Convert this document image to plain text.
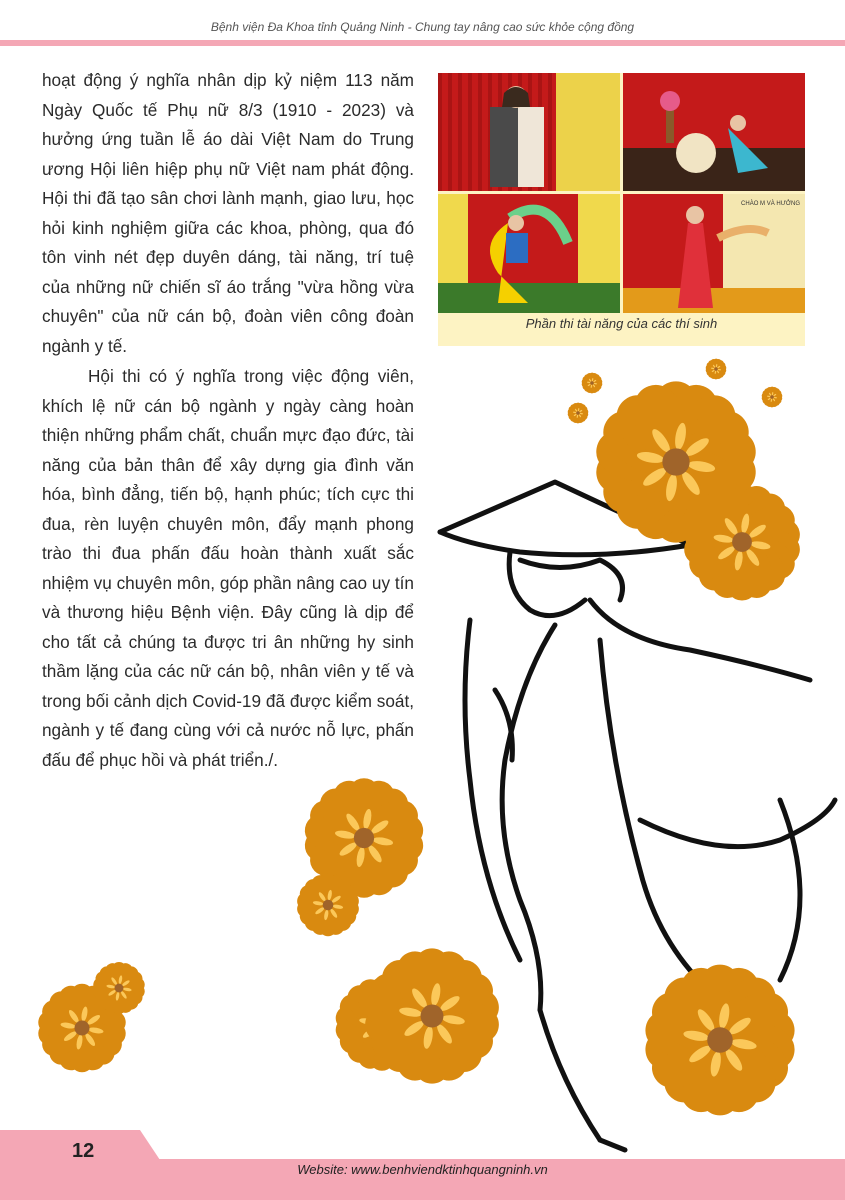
Bệnh viện Đa Khoa tỉnh Quảng Ninh - Chung tay nâng cao sức khỏe cộng đồng

hoạt động ý nghĩa nhân dịp kỷ niệm 113 năm Ngày Quốc tế Phụ nữ 8/3 (1910 - 2023) và hưởng ứng tuần lễ áo dài Việt Nam do Trung ương Hội liên hiệp phụ nữ Việt nam phát động. Hội thi đã tạo sân chơi lành mạnh, giao lưu, học hỏi kinh nghiệm giữa các khoa, phòng, qua đó tôn vinh nét đẹp duyên dáng, tài năng, trí tuệ của những nữ chiến sĩ áo trắng "vừa hồng vừa chuyên" của nữ cán bộ, đoàn viên công đoàn ngành y tế.

Hội thi có ý nghĩa trong việc động viên, khích lệ nữ cán bộ ngành y ngày càng hoàn thiện những phẩm chất, chuẩn mực đạo đức, tài năng của bản thân để xây dựng gia đình văn hóa, bình đẳng, tiến bộ, hạnh phúc; tích cực thi đua, rèn luyện chuyên môn, đẩy mạnh phong trào thi đua phấn đấu hoàn thành xuất sắc nhiệm vụ chuyên môn, góp phần nâng cao uy tín và thương hiệu Bệnh viện. Đây cũng là dịp để cho tất cả chúng ta được tri ân những hy sinh thầm lặng của các nữ cán bộ, nhân viên y tế và trong bối cảnh dịch Covid-19 đã được kiểm soát, ngành y tế đang cùng với cả nước nỗ lực, phấn đấu để phục hồi và phát triển./.

CHÀO M VÀ HƯỞNG
Phần thi tài năng của các thí sinh
12
Website: www.benhviendktinhquangninh.vn
